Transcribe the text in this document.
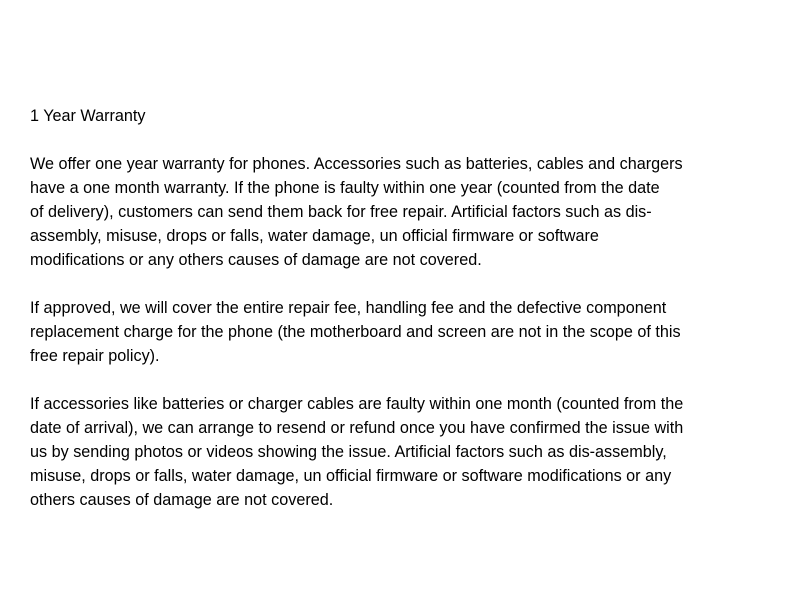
1 Year Warranty
We offer one year warranty for phones. Accessories such as batteries, cables and chargers
have a one month warranty. If the phone is faulty within one year (counted from the date
of delivery), customers can send them back for free repair. Artificial factors such as dis-
assembly, misuse, drops or falls, water damage, un official firmware or software
modifications or any others causes of damage are not covered.
If approved, we will cover the entire repair fee, handling fee and the defective component
replacement charge for the phone (the motherboard and screen are not in the scope of this
free repair policy).
If accessories like batteries or charger cables are faulty within one month (counted from the
date of arrival), we can arrange to resend or refund once you have confirmed the issue with
us by sending photos or videos showing the issue. Artificial factors such as dis-assembly,
misuse, drops or falls, water damage, un official firmware or software modifications or any
others causes of damage are not covered.
